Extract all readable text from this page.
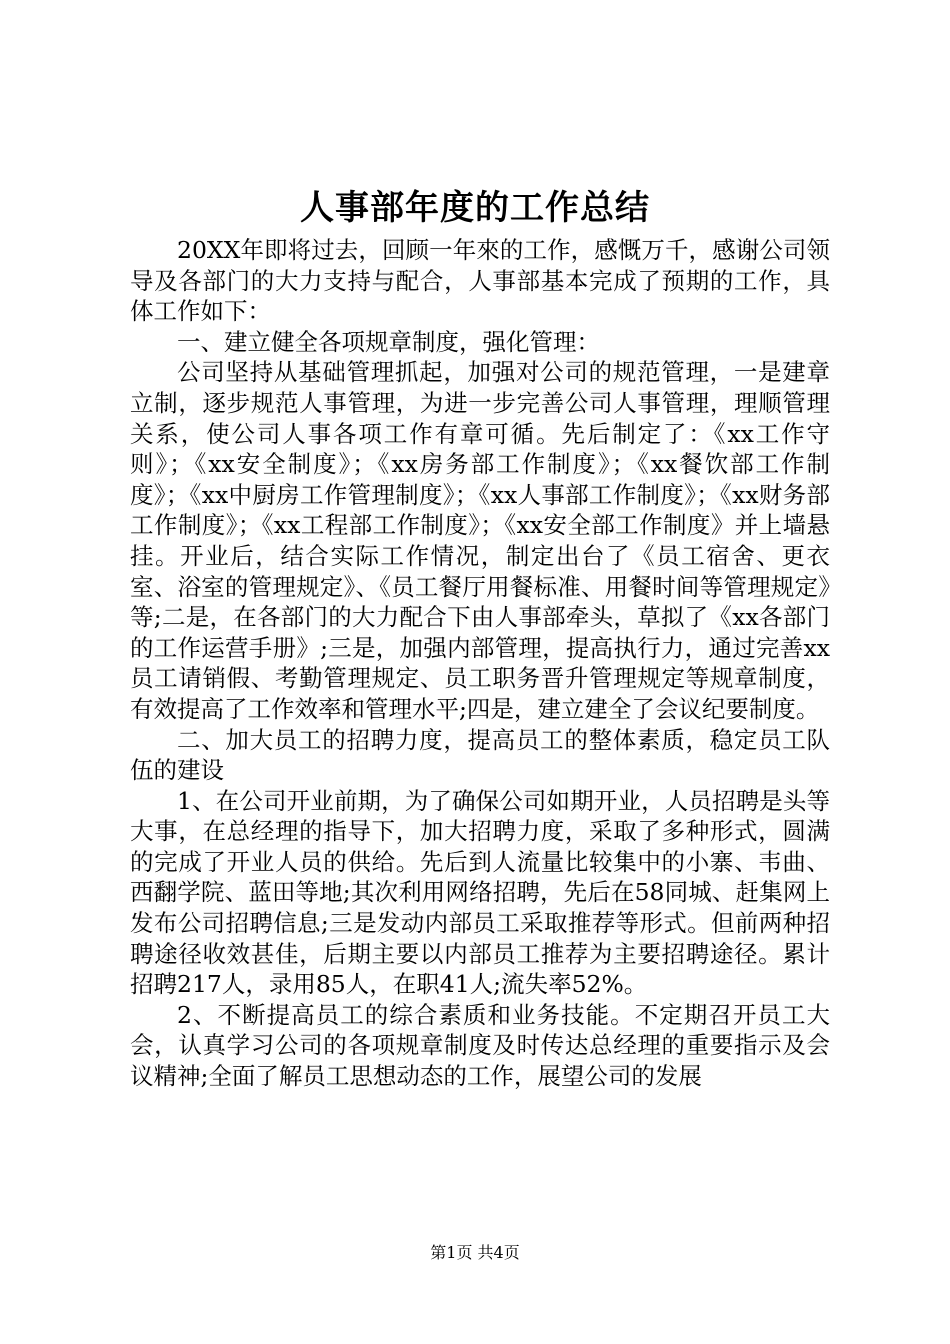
人事部年度的工作总结

20XX年即将过去，回顾一年來的工作，感慨万千，感谢公司领导及各部门的大力支持与配合，人事部基本完成了预期的工作，具体工作如下：

一、建立健全各项规章制度，强化管理：

公司坚持从基础管理抓起，加强对公司的规范管理，一是建章立制，逐步规范人事管理，为进一步完善公司人事管理，理顺管理关系，使公司人事各项工作有章可循。先后制定了：《xx工作守则》；《xx安全制度》；《xx房务部工作制度》；《xx餐饮部工作制度》；《xx中厨房工作管理制度》；《xx人事部工作制度》；《xx财务部工作制度》；《xx工程部工作制度》；《xx安全部工作制度》并上墙悬挂。开业后，结合实际工作情况，制定出台了《员工宿舍、更衣室、浴室的管理规定》、《员工餐厅用餐标准、用餐时间等管理规定》等;二是，在各部门的大力配合下由人事部牵头，草拟了《xx各部门的工作运营手册》;三是，加强内部管理，提高执行力，通过完善xx员工请销假、考勤管理规定、员工职务晋升管理规定等规章制度，有效提高了工作效率和管理水平;四是，建立建全了会议纪要制度。

二、加大员工的招聘力度，提高员工的整体素质，稳定员工队伍的建设

1、在公司开业前期，为了确保公司如期开业，人员招聘是头等大事，在总经理的指导下，加大招聘力度，采取了多种形式，圆满的完成了开业人员的供给。先后到人流量比较集中的小寨、韦曲、西翻学院、蓝田等地;其次利用网络招聘，先后在58同城、赶集网上发布公司招聘信息;三是发动内部员工采取推荐等形式。但前两种招聘途径收效甚佳，后期主要以内部员工推荐为主要招聘途径。累计招聘217人，录用85人，在职41人;流失率52%。

2、不断提高员工的综合素质和业务技能。不定期召开员工大会，认真学习公司的各项规章制度及时传达总经理的重要指示及会议精神;全面了解员工思想动态的工作，展望公司的发展

第1页 共4页
